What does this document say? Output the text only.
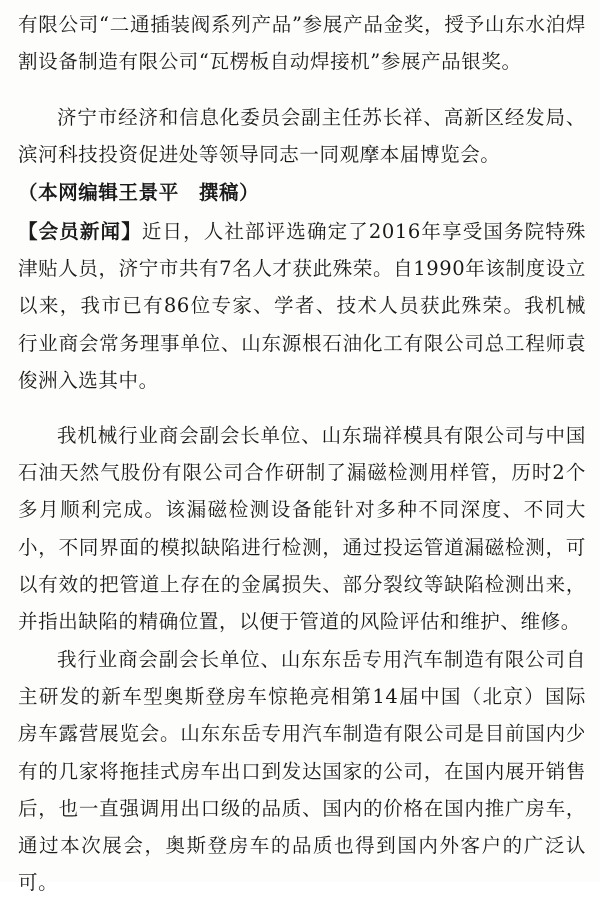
有限公司“二通插装阀系列产品”参展产品金奖，授予山东水泊焊割设备制造有限公司“瓦楞板自动焊接机”参展产品银奖。

济宁市经济和信息化委员会副主任苏长祥、高新区经发局、滨河科技投资促进处等领导同志一同观摩本届博览会。

（本网编辑王景平　撰稿）

【会员新闻】近日，人社部评选确定了2016年享受国务院特殊津贴人员，济宁市共有7名人才获此殊荣。自1990年该制度设立以来，我市已有86位专家、学者、技术人员获此殊荣。我机械行业商会常务理事单位、山东源根石油化工有限公司总工程师袁俊洲入选其中。

我机械行业商会副会长单位、山东瑞祥模具有限公司与中国石油天然气股份有限公司合作研制了漏磁检测用样管，历时2个多月顺利完成。该漏磁检测设备能针对多种不同深度、不同大小，不同界面的模拟缺陷进行检测，通过投运管道漏磁检测，可以有效的把管道上存在的金属损失、部分裂纹等缺陷检测出来，并指出缺陷的精确位置，以便于管道的风险评估和维护、维修。

我行业商会副会长单位、山东东岳专用汽车制造有限公司自主研发的新车型奥斯登房车惊艳亮相第14届中国（北京）国际房车露营展览会。山东东岳专用汽车制造有限公司是目前国内少有的几家将拖挂式房车出口到发达国家的公司，在国内展开销售后，也一直强调用出口级的品质、国内的价格在国内推广房车，通过本次展会，奥斯登房车的品质也得到国内外客户的广泛认可。
